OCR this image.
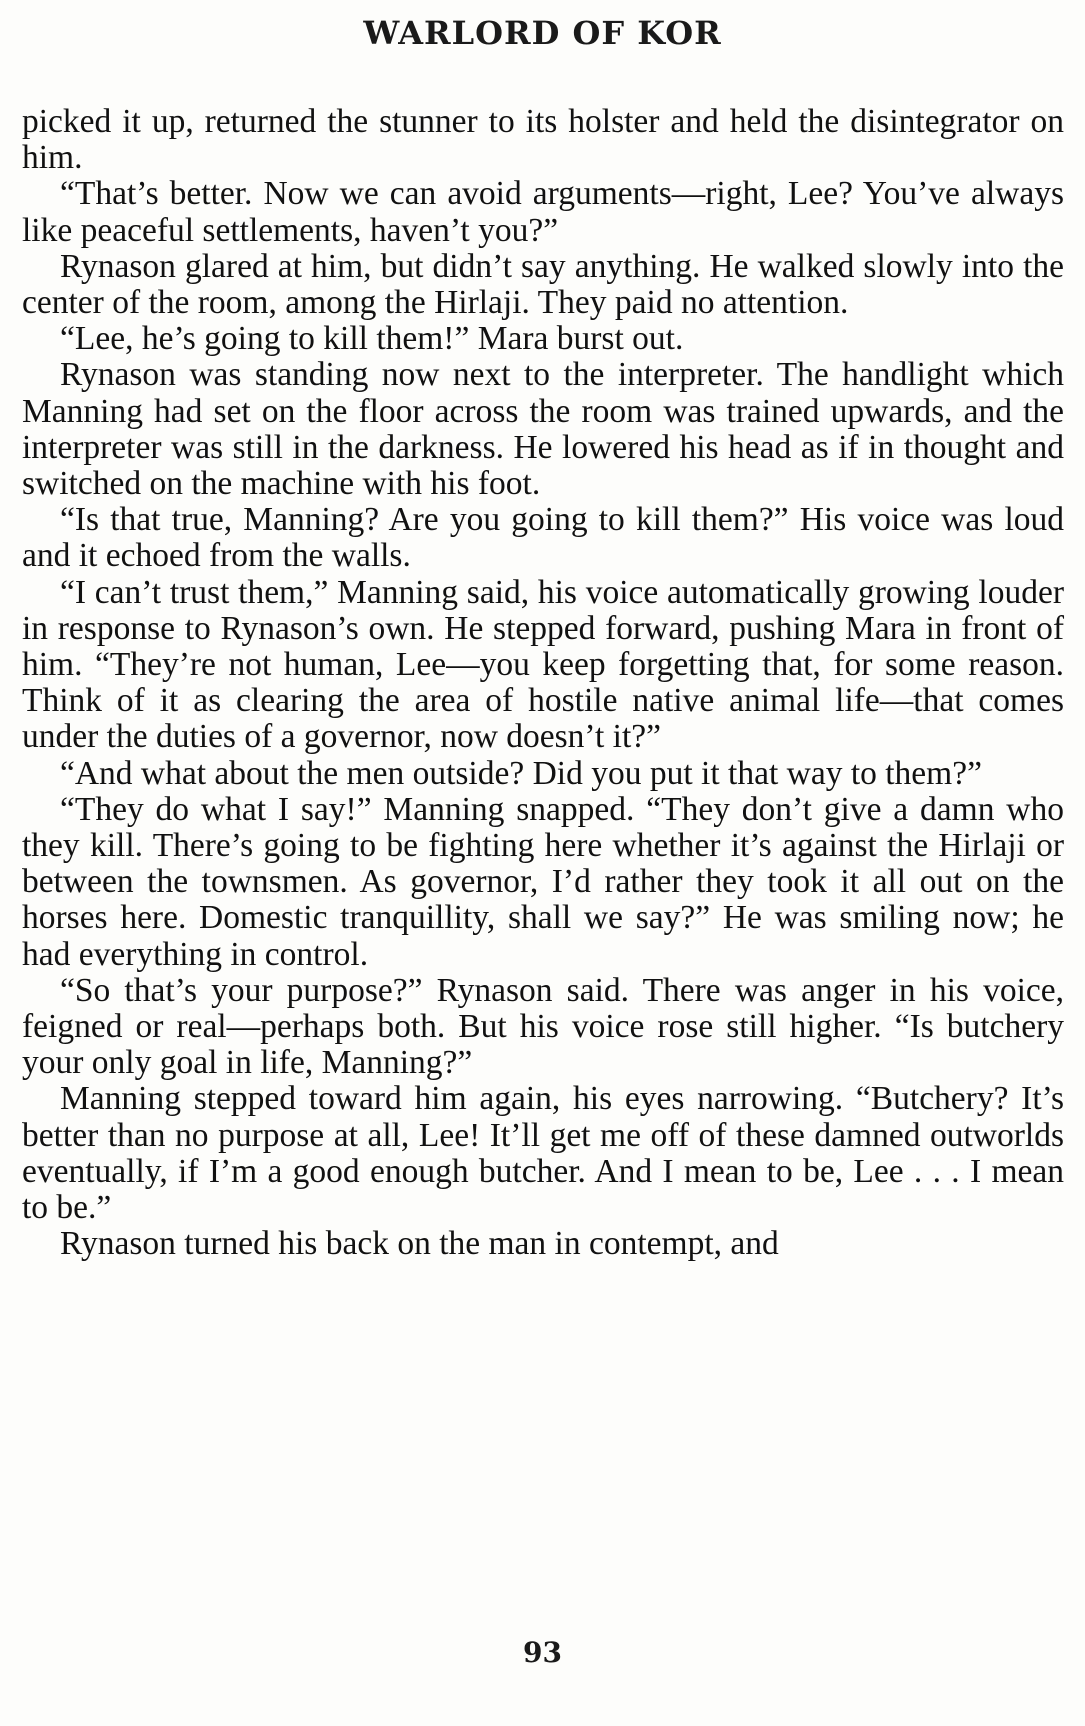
WARLORD OF KOR

picked it up, returned the stunner to its holster and held the disintegrator on him.

“That’s better. Now we can avoid arguments—right, Lee? You’ve always like peaceful settlements, haven’t you?”

Rynason glared at him, but didn’t say anything. He walked slowly into the center of the room, among the Hirlaji. They paid no attention.

“Lee, he’s going to kill them!” Mara burst out.

Rynason was standing now next to the interpreter. The handlight which Manning had set on the floor across the room was trained upwards, and the interpreter was still in the darkness. He lowered his head as if in thought and switched on the machine with his foot.

“Is that true, Manning? Are you going to kill them?” His voice was loud and it echoed from the walls.

“I can’t trust them,” Manning said, his voice automatically growing louder in response to Rynason’s own. He stepped forward, pushing Mara in front of him. “They’re not human, Lee—you keep forgetting that, for some reason. Think of it as clearing the area of hostile native animal life—that comes under the duties of a governor, now doesn’t it?”

“And what about the men outside? Did you put it that way to them?”

“They do what I say!” Manning snapped. “They don’t give a damn who they kill. There’s going to be fighting here whether it’s against the Hirlaji or between the townsmen. As governor, I’d rather they took it all out on the horses here. Domestic tranquillity, shall we say?” He was smiling now; he had everything in control.

“So that’s your purpose?” Rynason said. There was anger in his voice, feigned or real—perhaps both. But his voice rose still higher. “Is butchery your only goal in life, Manning?”

Manning stepped toward him again, his eyes narrowing. “Butchery? It’s better than no purpose at all, Lee! It’ll get me off of these damned outworlds eventually, if I’m a good enough butcher. And I mean to be, Lee . . . I mean to be.”

Rynason turned his back on the man in contempt, and

93
